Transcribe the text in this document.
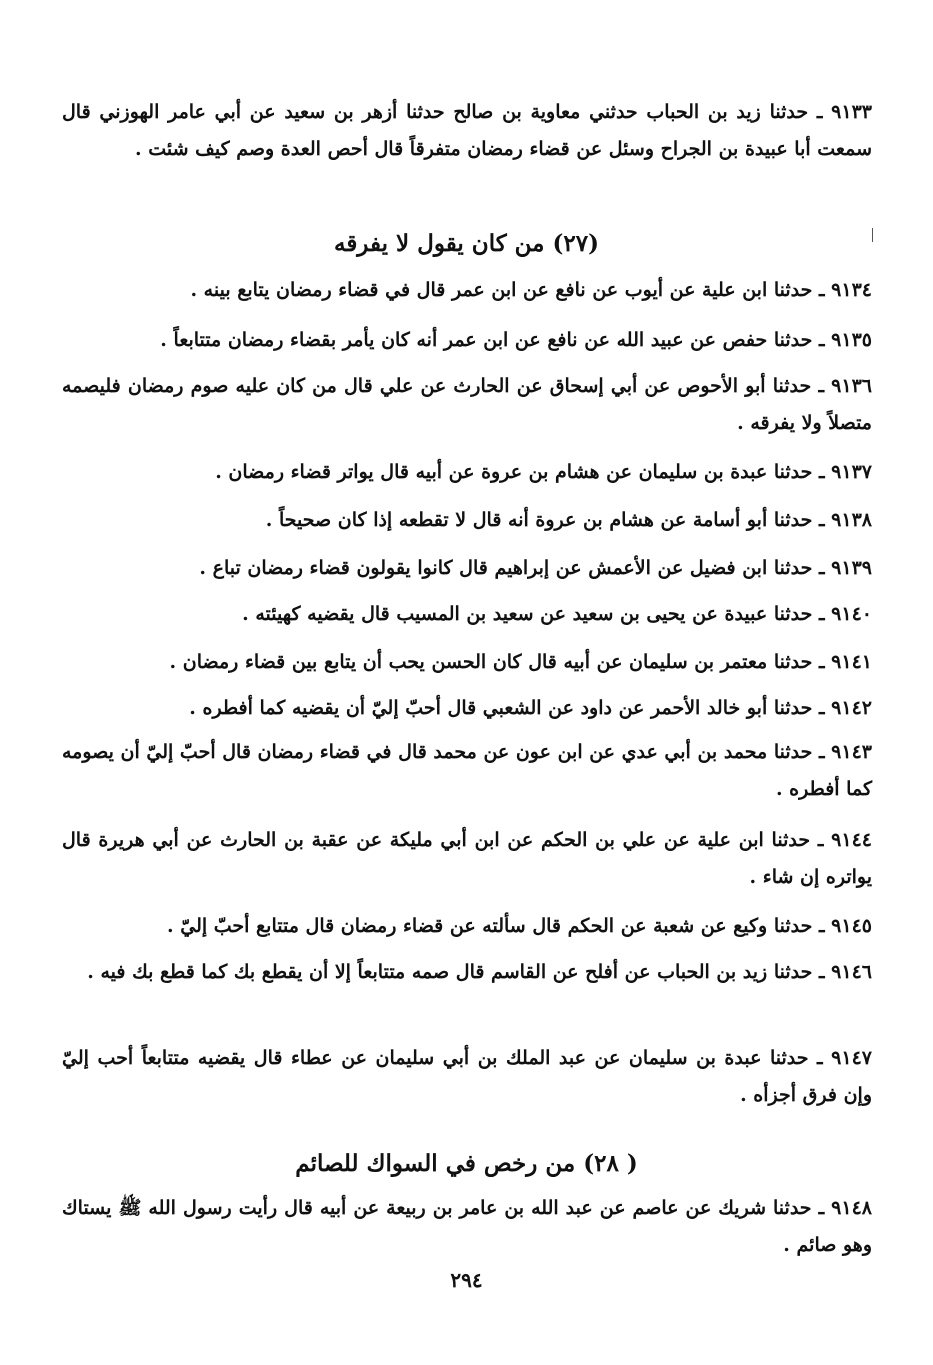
٩١٣٣ ـ حدثنا زيد بن الحباب حدثني معاوية بن صالح حدثنا أزهر بن سعيد عن أبي عامر الهوزني قال سمعت أبا عبيدة بن الجراح وسئل عن قضاء رمضان متفرقاً قال أحص العدة وصم كيف شئت .
(٢٧) من كان يقول لا يفرقه
٩١٣٤ ـ حدثنا ابن علية عن أيوب عن نافع عن ابن عمر قال في قضاء رمضان يتابع بينه .
٩١٣٥ ـ حدثنا حفص عن عبيد الله عن نافع عن ابن عمر أنه كان يأمر بقضاء رمضان متتابعاً .
٩١٣٦ ـ حدثنا أبو الأحوص عن أبي إسحاق عن الحارث عن علي قال من كان عليه صوم رمضان فليصمه متصلاً ولا يفرقه .
٩١٣٧ ـ حدثنا عبدة بن سليمان عن هشام بن عروة عن أبيه قال يواتر قضاء رمضان .
٩١٣٨ ـ حدثنا أبو أسامة عن هشام بن عروة أنه قال لا تقطعه إذا كان صحيحاً .
٩١٣٩ ـ حدثنا ابن فضيل عن الأعمش عن إبراهيم قال كانوا يقولون قضاء رمضان تباع .
٩١٤٠ ـ حدثنا عبيدة عن يحيى بن سعيد عن سعيد بن المسيب قال يقضيه كهيئته .
٩١٤١ ـ حدثنا معتمر بن سليمان عن أبيه قال كان الحسن يحب أن يتابع بين قضاء رمضان .
٩١٤٢ ـ حدثنا أبو خالد الأحمر عن داود عن الشعبي قال أحبّ إليّ أن يقضيه كما أفطره .
٩١٤٣ ـ حدثنا محمد بن أبي عدي عن ابن عون عن محمد قال في قضاء رمضان قال أحبّ إليّ أن يصومه كما أفطره .
٩١٤٤ ـ حدثنا ابن علية عن علي بن الحكم عن ابن أبي مليكة عن عقبة بن الحارث عن أبي هريرة قال يواتره إن شاء .
٩١٤٥ ـ حدثنا وكيع عن شعبة عن الحكم قال سألته عن قضاء رمضان قال متتابع أحبّ إليّ .
٩١٤٦ ـ حدثنا زيد بن الحباب عن أفلح عن القاسم قال صمه متتابعاً إلا أن يقطع بك كما قطع بك فيه .
٩١٤٧ ـ حدثنا عبدة بن سليمان عن عبد الملك بن أبي سليمان عن عطاء قال يقضيه متتابعاً أحب إليّ وإن فرق أجزأه .
( ٢٨) من رخص في السواك للصائم
٩١٤٨ ـ حدثنا شريك عن عاصم عن عبد الله بن عامر بن ربيعة عن أبيه قال رأيت رسول الله ﷺ يستاك وهو صائم .
٢٩٤
